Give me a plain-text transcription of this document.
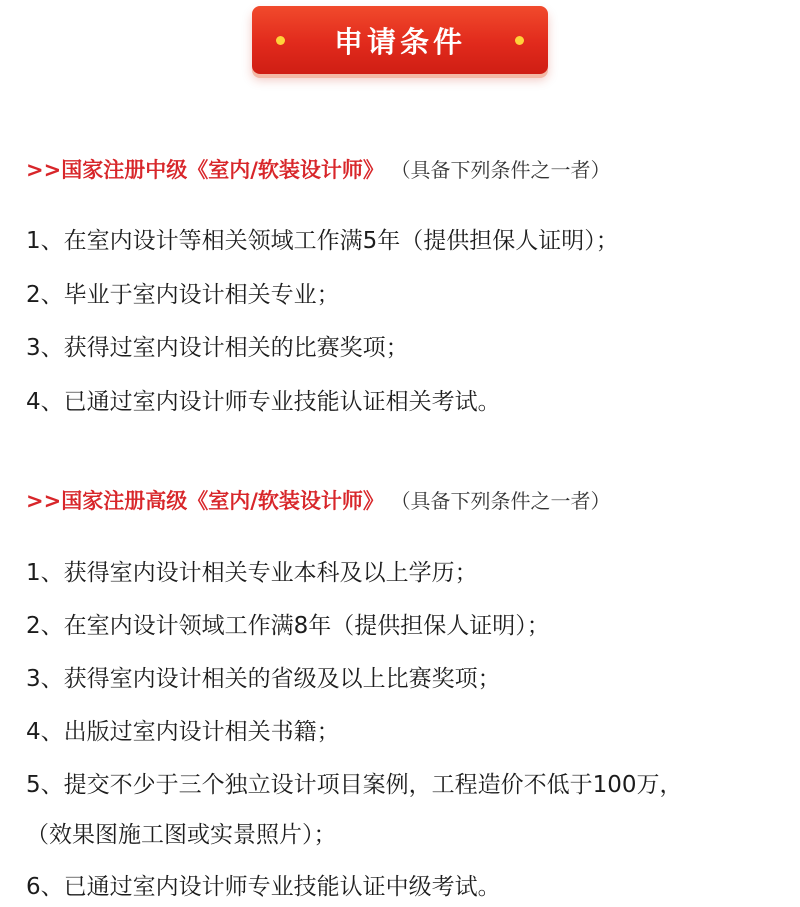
申请条件
>>国家注册中级《室内/软装设计师》 （具备下列条件之一者）
1、在室内设计等相关领域工作满5年（提供担保人证明）；
2、毕业于室内设计相关专业；
3、获得过室内设计相关的比赛奖项；
4、已通过室内设计师专业技能认证相关考试。
>>国家注册高级《室内/软装设计师》 （具备下列条件之一者）
1、获得室内设计相关专业本科及以上学历；
2、在室内设计领域工作满8年（提供担保人证明）；
3、获得室内设计相关的省级及以上比赛奖项；
4、出版过室内设计相关书籍；
5、提交不少于三个独立设计项目案例，工程造价不低于100万，
（效果图施工图或实景照片）；
6、已通过室内设计师专业技能认证中级考试。
